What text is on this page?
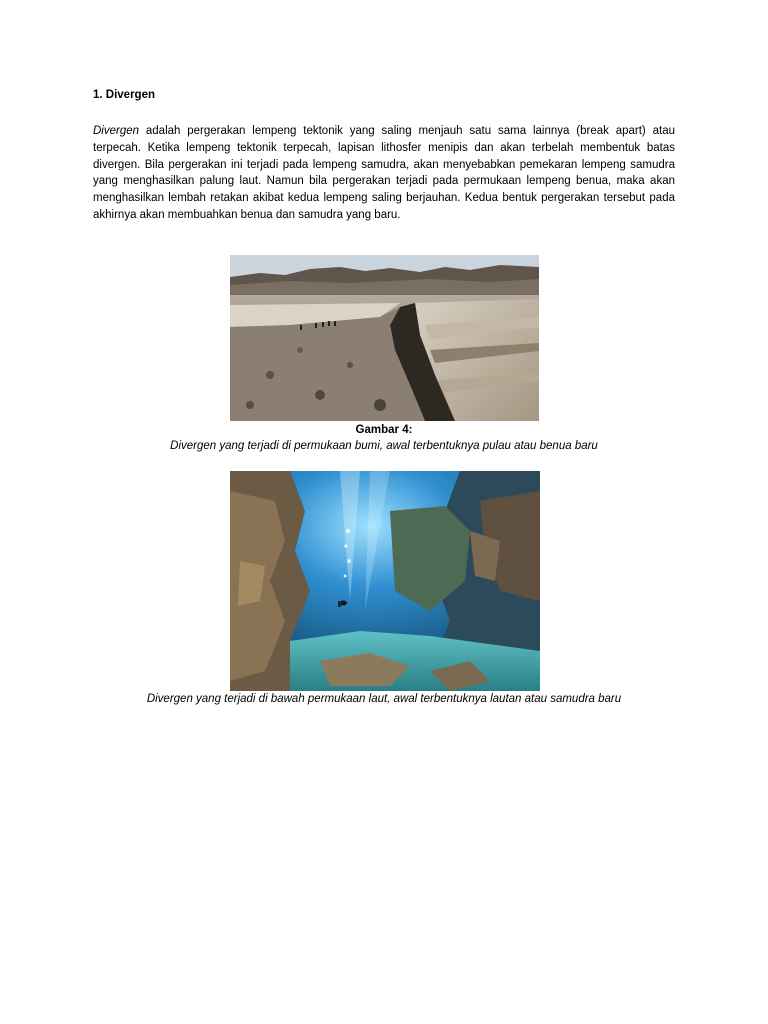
1. Divergen

Divergen adalah pergerakan lempeng tektonik yang saling menjauh satu sama lainnya (break apart) atau terpecah. Ketika lempeng tektonik terpecah, lapisan lithosfer menipis dan akan terbelah membentuk batas divergen. Bila pergerakan ini terjadi pada lempeng samudra, akan menyebabkan pemekaran lempeng samudra yang menghasilkan palung laut. Namun bila pergerakan terjadi pada permukaan lempeng benua, maka akan menghasilkan lembah retakan akibat kedua lempeng saling berjauhan. Kedua bentuk pergerakan tersebut pada akhirnya akan membuahkan benua dan samudra yang baru.

Gambar 4:

Divergen yang terjadi di permukaan bumi, awal terbentuknya pulau atau benua baru

Divergen yang terjadi di bawah permukaan laut, awal terbentuknya lautan atau samudra baru
